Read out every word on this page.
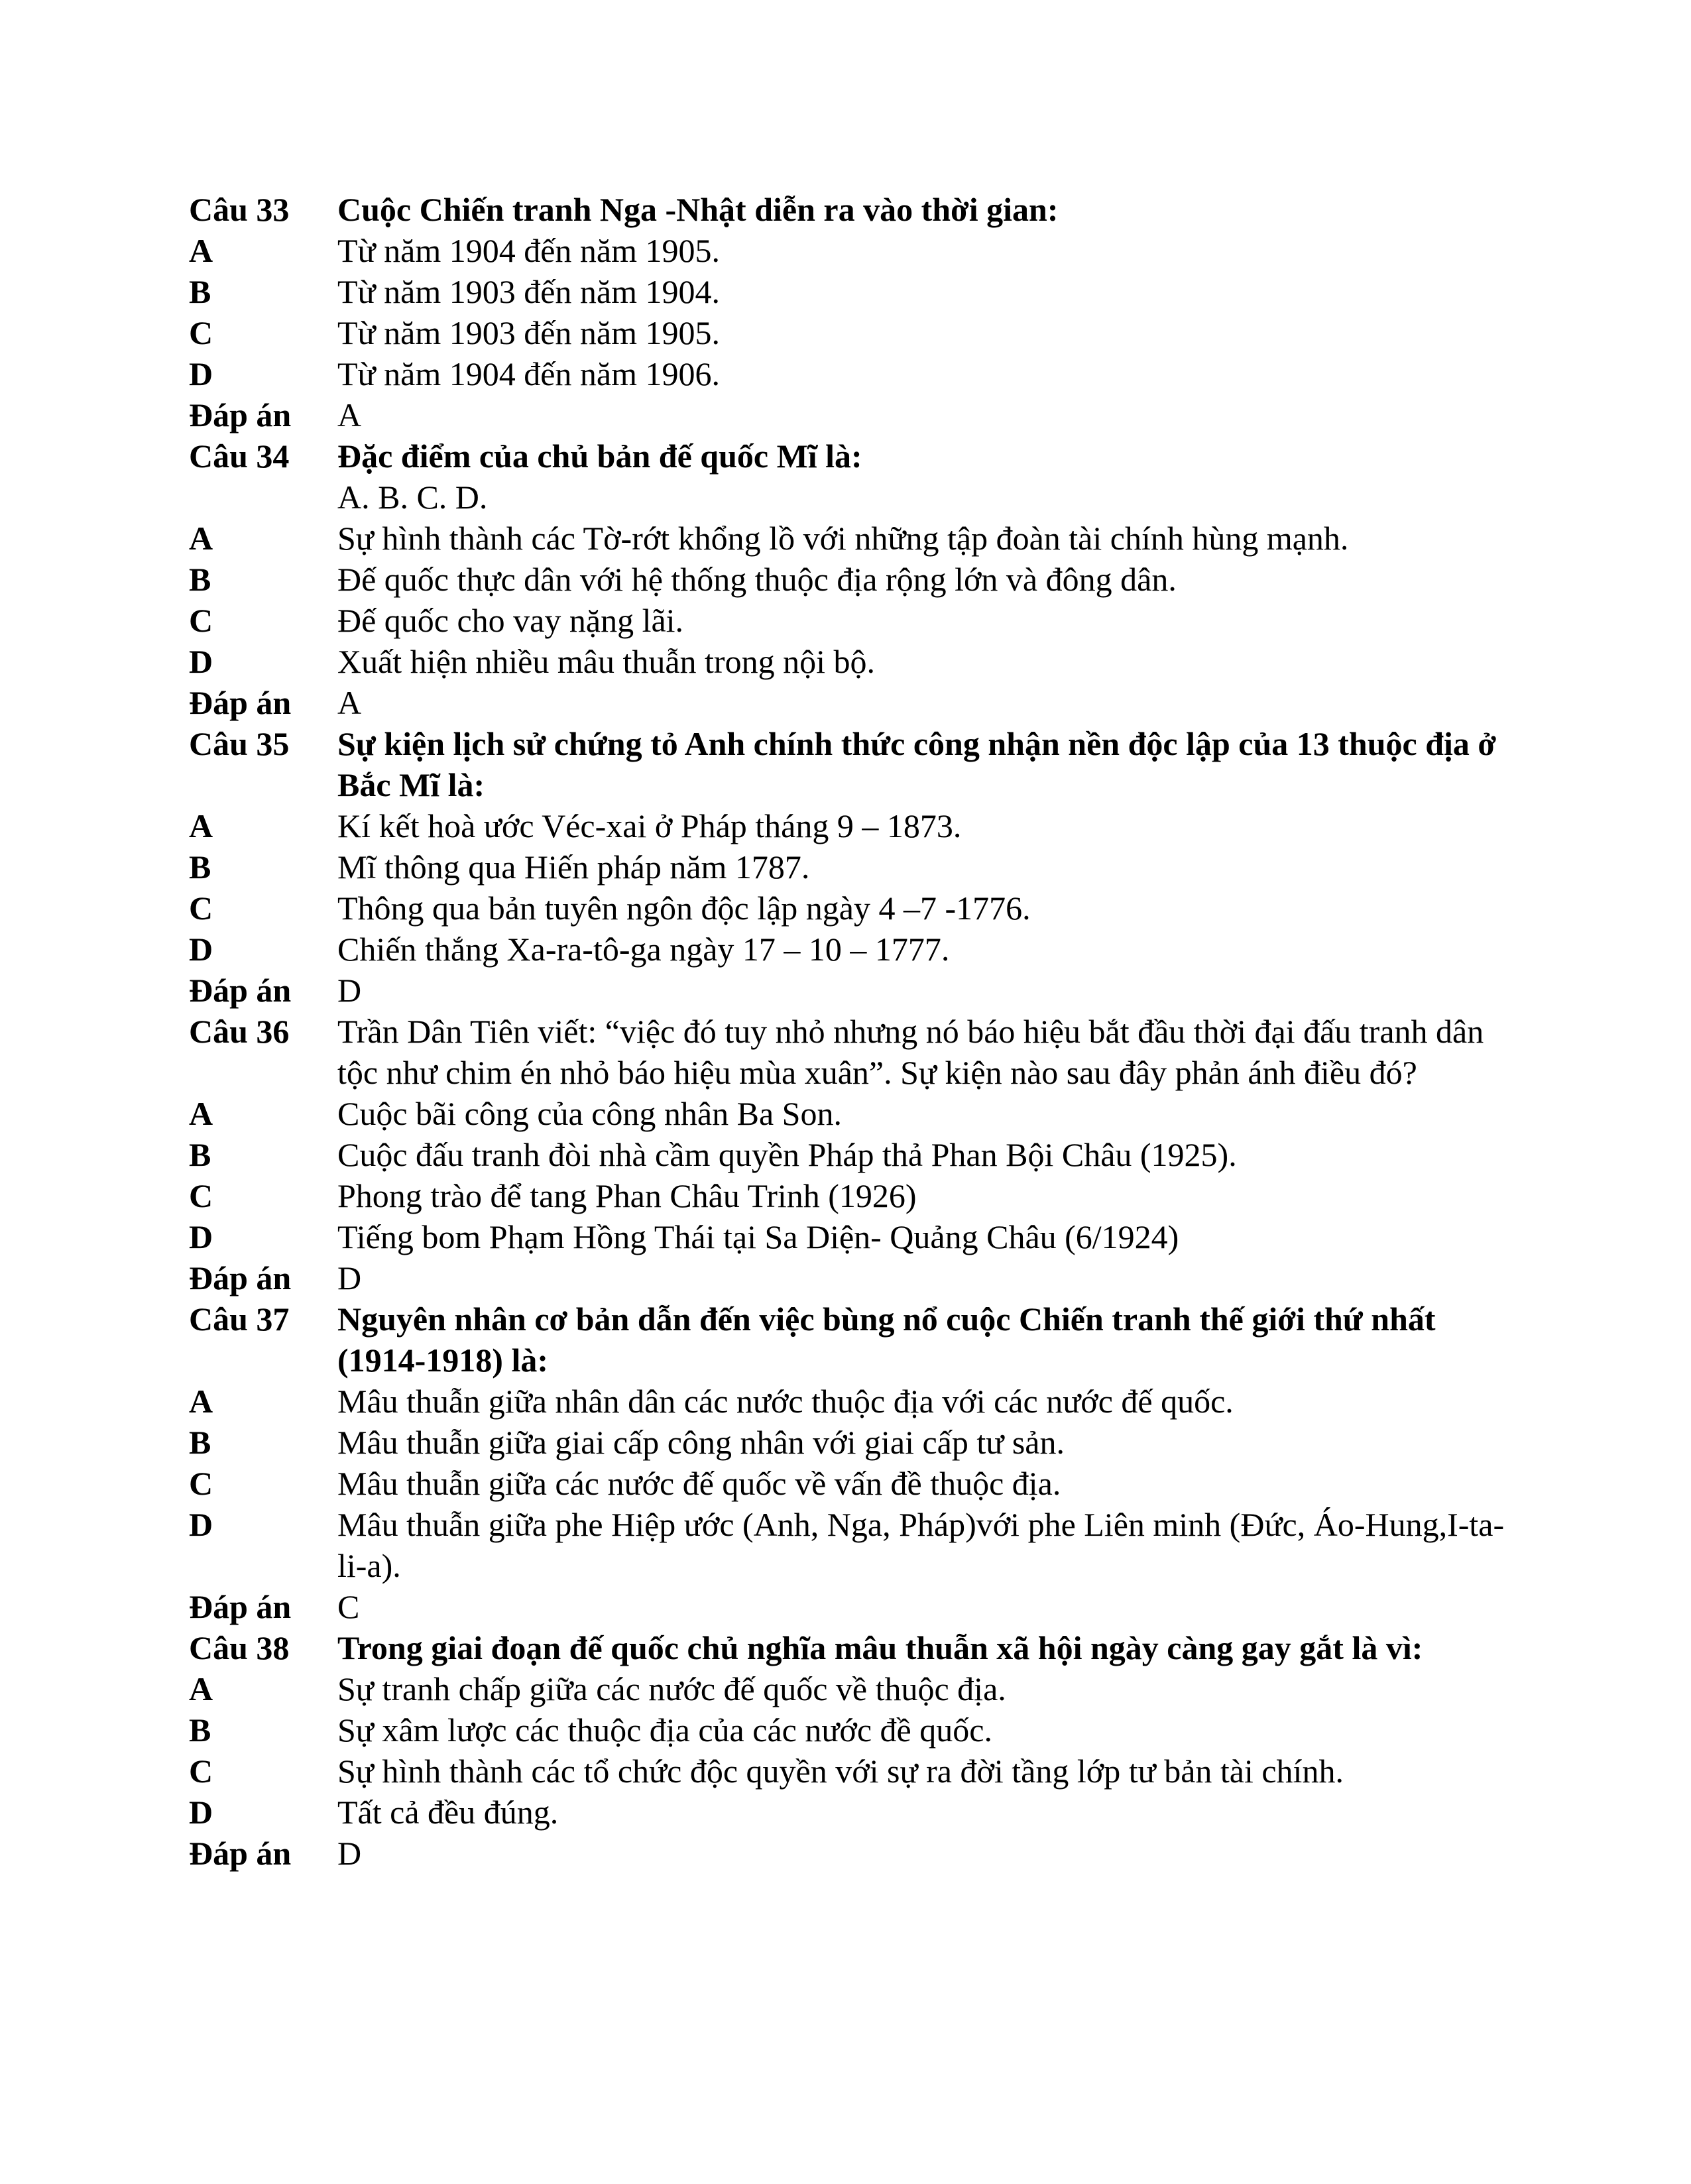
Câu 33	Cuộc Chiến tranh Nga -Nhật diễn ra vào thời gian:
A	Từ năm 1904 đến năm 1905.
B	Từ năm 1903 đến năm 1904.
C	Từ năm 1903 đến năm 1905.
D	Từ năm 1904 đến năm 1906.
Đáp án	A
Câu 34	Đặc điểm của chủ bản đế quốc Mĩ là:
A. B. C. D.
A	Sự hình thành các Tờ-rớt khổng lồ với những tập đoàn tài chính hùng mạnh.
B	Đế quốc thực dân với hệ thống thuộc địa rộng lớn và đông dân.
C	Đế quốc cho vay nặng lãi.
D	Xuất hiện nhiều mâu thuẫn trong nội bộ.
Đáp án	A
Câu 35	Sự kiện lịch sử chứng tỏ Anh chính thức công nhận nền độc lập của 13 thuộc địa ở Bắc Mĩ là:
A	Kí kết hoà ước Véc-xai ở Pháp tháng 9 – 1873.
B	Mĩ thông qua Hiến pháp năm 1787.
C	Thông qua bản tuyên ngôn độc lập ngày 4 –7 -1776.
D	Chiến thắng Xa-ra-tô-ga ngày 17 – 10 – 1777.
Đáp án	D
Câu 36	Trần Dân Tiên viết: “việc đó tuy nhỏ nhưng nó báo hiệu bắt đầu thời đại đấu tranh dân tộc như chim én nhỏ báo hiệu mùa xuân”. Sự kiện nào sau đây phản ánh điều đó?
A	Cuộc bãi công của công nhân Ba Son.
B	Cuộc đấu tranh đòi nhà cầm quyền Pháp thả Phan Bội Châu (1925).
C	Phong trào để tang Phan Châu Trinh (1926)
D	Tiếng bom Phạm Hồng Thái tại Sa Diện- Quảng Châu (6/1924)
Đáp án	D
Câu 37	Nguyên nhân cơ bản dẫn đến việc bùng nổ cuộc Chiến tranh thế giới thứ nhất (1914-1918) là:
A	Mâu thuẫn giữa nhân dân các nước thuộc địa với các nước đế quốc.
B	Mâu thuẫn giữa giai cấp công nhân với giai cấp tư sản.
C	Mâu thuẫn giữa các nước đế quốc về vấn đề thuộc địa.
D	Mâu thuẫn giữa phe Hiệp ước (Anh, Nga, Pháp)với phe Liên minh (Đức, Áo-Hung,I-ta-li-a).
Đáp án	C
Câu 38	Trong giai đoạn đế quốc chủ nghĩa mâu thuẫn xã hội ngày càng gay gắt là vì:
A	Sự tranh chấp giữa các nước đế quốc về thuộc địa.
B	Sự xâm lược các thuộc địa của các nước đề quốc.
C	Sự hình thành các tổ chức độc quyền với sự ra đời tầng lớp tư bản tài chính.
D	Tất cả đều đúng.
Đáp án	D
